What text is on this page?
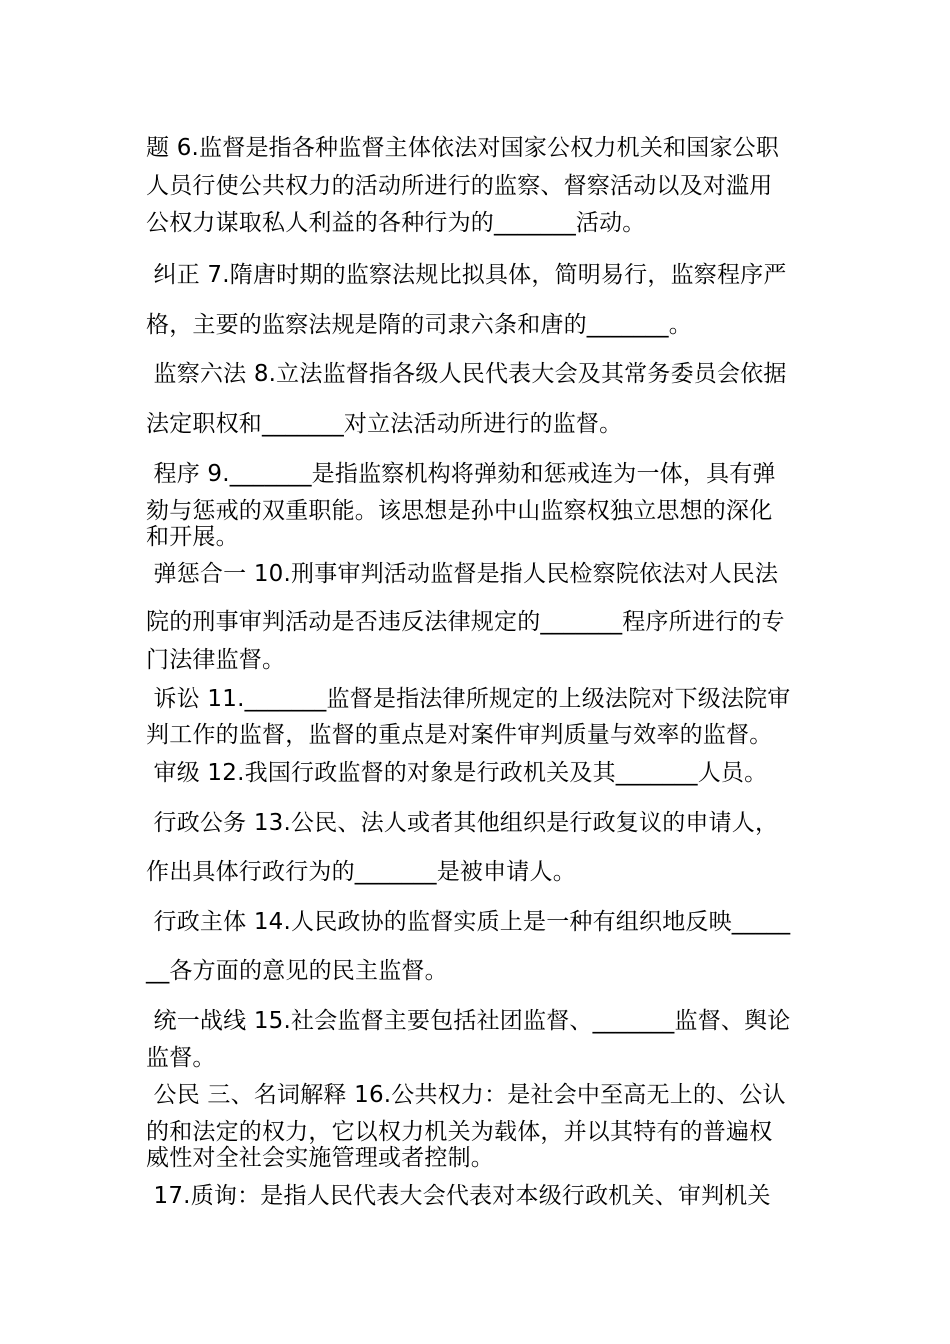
题 6.监督是指各种监督主体依法对国家公权力机关和国家公职
人员行使公共权力的活动所进行的监察、督察活动以及对滥用
公权力谋取私人利益的各种行为的_______活动。
纠正 7.隋唐时期的监察法规比拟具体，简明易行，监察程序严
格，主要的监察法规是隋的司隶六条和唐的_______。
监察六法 8.立法监督指各级人民代表大会及其常务委员会依据
法定职权和_______对立法活动所进行的监督。
程序 9._______是指监察机构将弹劾和惩戒连为一体，具有弹
劾与惩戒的双重职能。该思想是孙中山监察权独立思想的深化
和开展。
弹惩合一 10.刑事审判活动监督是指人民检察院依法对人民法
院的刑事审判活动是否违反法律规定的_______程序所进行的专
门法律监督。
诉讼 11._______监督是指法律所规定的上级法院对下级法院审
判工作的监督，监督的重点是对案件审判质量与效率的监督。
审级 12.我国行政监督的对象是行政机关及其_______人员。
行政公务 13.公民、法人或者其他组织是行政复议的申请人，
作出具体行政行为的_______是被申请人。
行政主体 14.人民政协的监督实质上是一种有组织地反映_____
__各方面的意见的民主监督。
统一战线 15.社会监督主要包括社团监督、_______监督、舆论
监督。
公民 三、名词解释 16.公共权力：是社会中至高无上的、公认
的和法定的权力，它以权力机关为载体，并以其特有的普遍权
威性对全社会实施管理或者控制。
17.质询：是指人民代表大会代表对本级行政机关、审判机关
